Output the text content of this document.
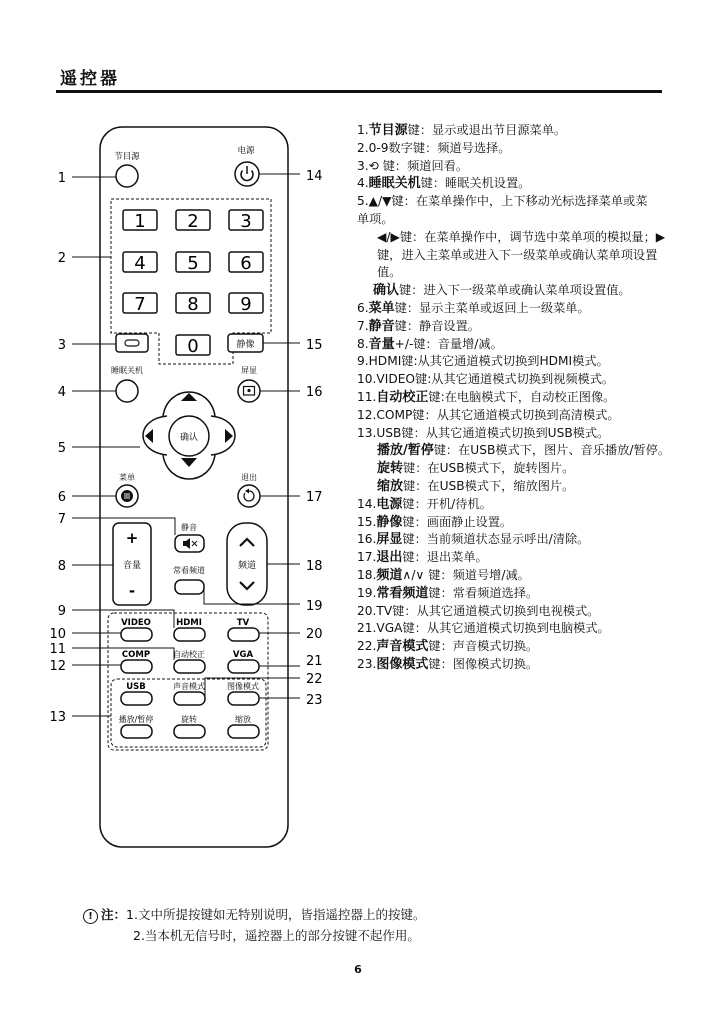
遥控器
节目源
电源
1 2 3
4 5 6
7 8 9
0	静像
睡眠关机	屏显
确认
菜单	退出
+
音量
-
静音
频道
常看频道
VIDEO	HDMI	TV
COMP	自动校正	VGA
USB	声音模式	图像模式
播放/暂停	旋转	缩放
1
2
3
4
5
6
7
8
9
10
11
12
13
14
15
16
17
18
19
20
21
22
23
1.节目源键：显示或退出节目源菜单。
2.0-9数字键：频道号选择。
3.⟲ 键：频道回看。
4.睡眠关机键：睡眠关机设置。
5.▲/▼键：在菜单操作中，上下移动光标选择菜单或菜单项。
◀/▶键：在菜单操作中，调节选中菜单项的模拟量；▶键，进入主菜单或进入下一级菜单或确认菜单项设置值。
确认键：进入下一级菜单或确认菜单项设置值。
6.菜单键：显示主菜单或返回上一级菜单。
7.静音键：静音设置。
8.音量+/-键：音量增/减。
9.HDMI键:从其它通道模式切换到HDMI模式。
10.VIDEO键:从其它通道模式切换到视频模式。
11.自动校正键:在电脑模式下，自动校正图像。
12.COMP键：从其它通道模式切换到高清模式。
13.USB键：从其它通道模式切换到USB模式。
播放/暂停键：在USB模式下，图片、音乐播放/暂停。
旋转键：在USB模式下，旋转图片。
缩放键：在USB模式下，缩放图片。
14.电源键：开机/待机。
15.静像键：画面静止设置。
16.屏显键：当前频道状态显示呼出/清除。
17.退出键：退出菜单。
18.频道∧/∨ 键：频道号增/减。
19.常看频道键：常看频道选择。
20.TV键：从其它通道模式切换到电视模式。
21.VGA键：从其它通道模式切换到电脑模式。
22.声音模式键：声音模式切换。
23.图像模式键：图像模式切换。
! 注：1.文中所提按键如无特别说明，皆指遥控器上的按键。
2.当本机无信号时，遥控器上的部分按键不起作用。
6
